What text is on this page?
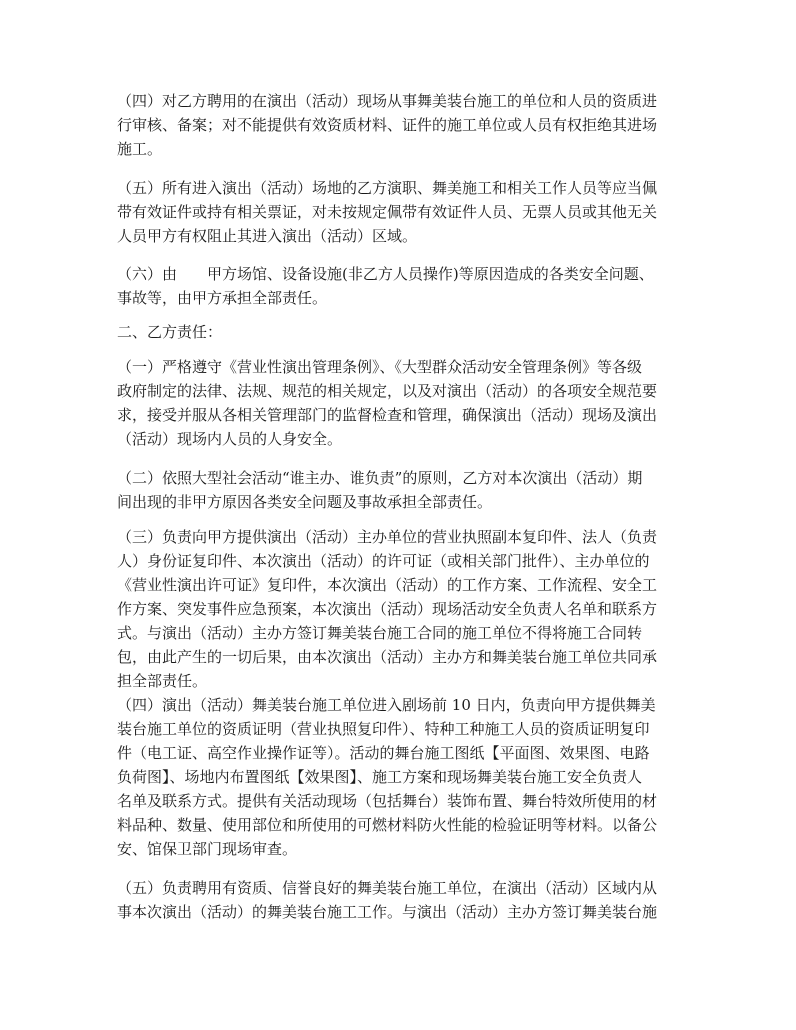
（四）对乙方聘用的在演出（活动）现场从事舞美装台施工的单位和人员的资质进
行审核、备案；对不能提供有效资质材料、证件的施工单位或人员有权拒绝其进场
施工。

（五）所有进入演出（活动）场地的乙方演职、舞美施工和相关工作人员等应当佩
带有效证件或持有相关票证，对未按规定佩带有效证件人员、无票人员或其他无关
人员甲方有权阻止其进入演出（活动）区域。

（六）由　　甲方场馆、设备设施(非乙方人员操作)等原因造成的各类安全问题、
事故等，由甲方承担全部责任。

二、乙方责任：

（一）严格遵守《营业性演出管理条例》、《大型群众活动安全管理条例》等各级
政府制定的法律、法规、规范的相关规定，以及对演出（活动）的各项安全规范要
求，接受并服从各相关管理部门的监督检查和管理，确保演出（活动）现场及演出
（活动）现场内人员的人身安全。

（二）依照大型社会活动“谁主办、谁负责”的原则，乙方对本次演出（活动）期
间出现的非甲方原因各类安全问题及事故承担全部责任。

（三）负责向甲方提供演出（活动）主办单位的营业执照副本复印件、法人（负责
人）身份证复印件、本次演出（活动）的许可证（或相关部门批件）、主办单位的
《营业性演出许可证》复印件，本次演出（活动）的工作方案、工作流程、安全工
作方案、突发事件应急预案，本次演出（活动）现场活动安全负责人名单和联系方
式。与演出（活动）主办方签订舞美装台施工合同的施工单位不得将施工合同转
包，由此产生的一切后果，由本次演出（活动）主办方和舞美装台施工单位共同承
担全部责任。

（四）演出（活动）舞美装台施工单位进入剧场前 10 日内，负责向甲方提供舞美
装台施工单位的资质证明（营业执照复印件）、特种工种施工人员的资质证明复印
件（电工证、高空作业操作证等）。活动的舞台施工图纸【平面图、效果图、电路
负荷图】、场地内布置图纸【效果图】、施工方案和现场舞美装台施工安全负责人
名单及联系方式。提供有关活动现场（包括舞台）装饰布置、舞台特效所使用的材
料品种、数量、使用部位和所使用的可燃材料防火性能的检验证明等材料。以备公
安、馆保卫部门现场审查。

（五）负责聘用有资质、信誉良好的舞美装台施工单位，在演出（活动）区域内从
事本次演出（活动）的舞美装台施工工作。与演出（活动）主办方签订舞美装台施
